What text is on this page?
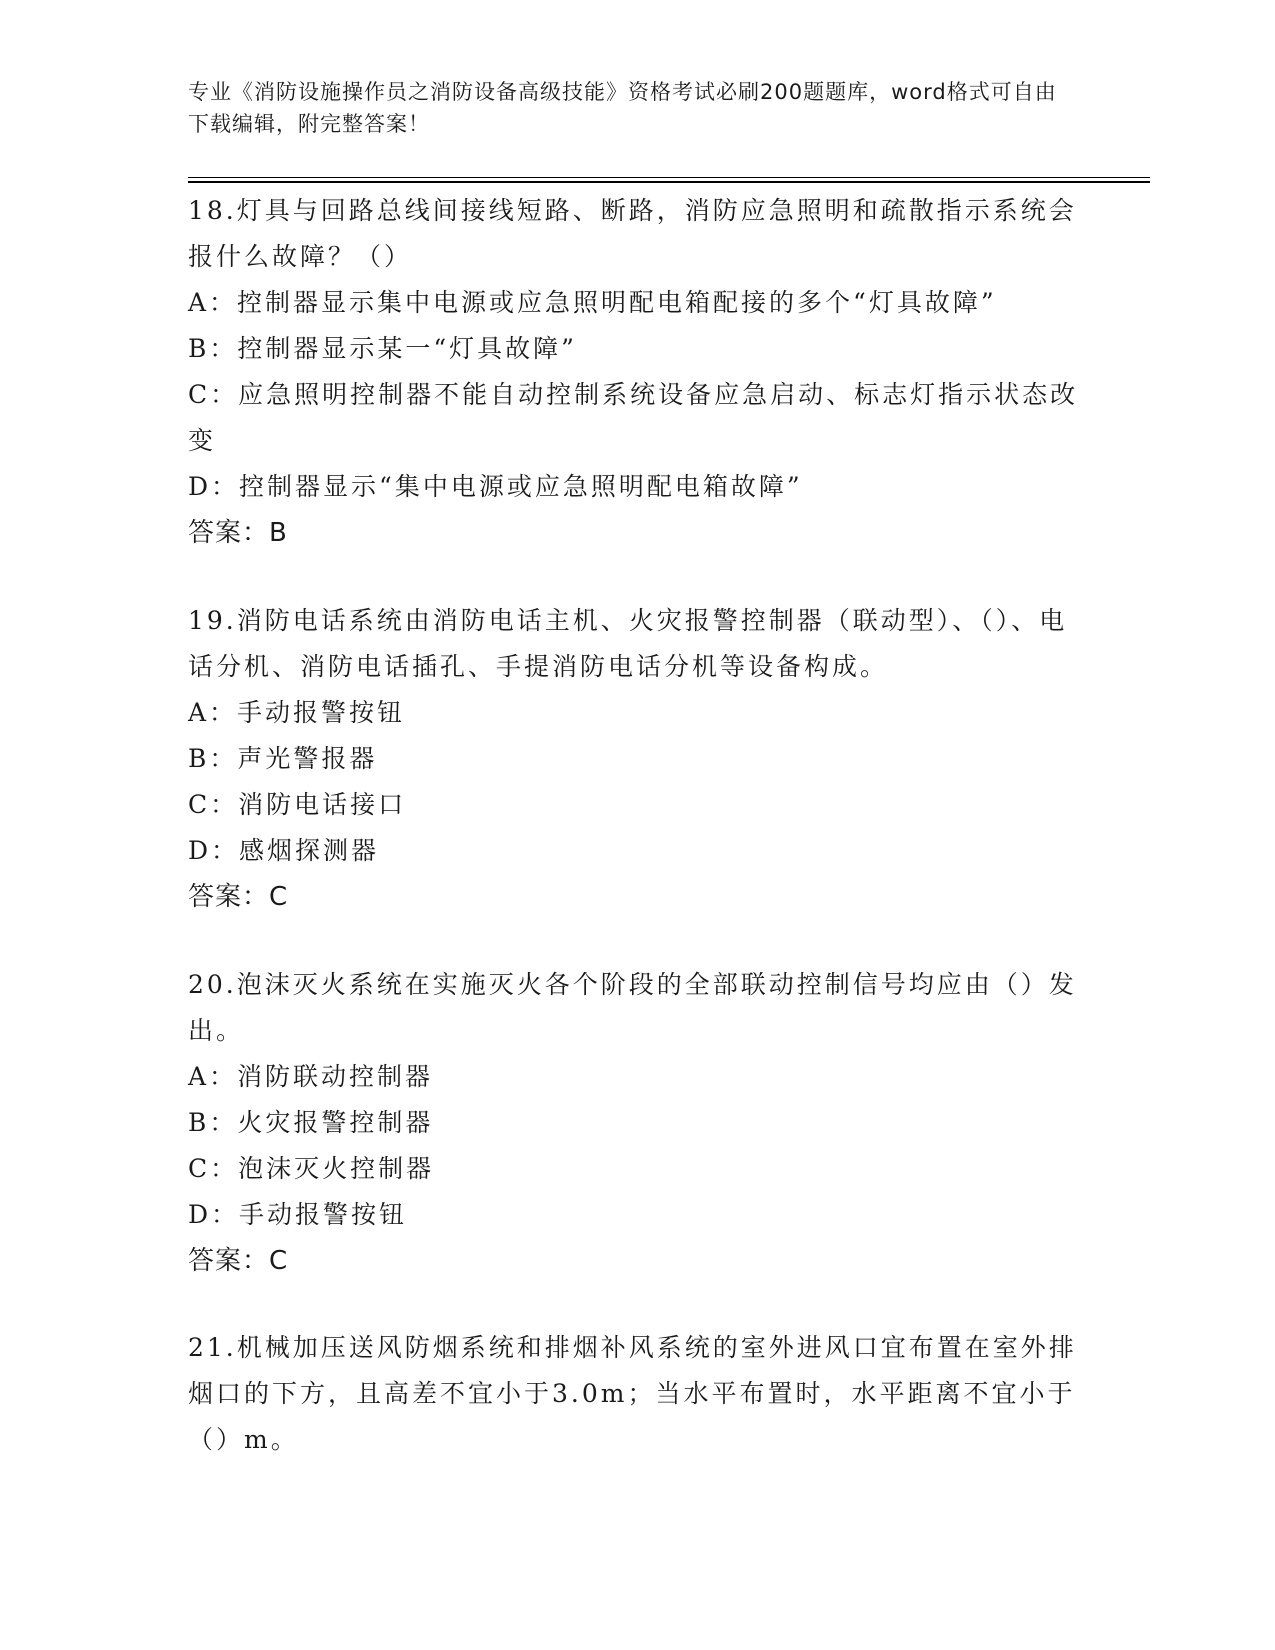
专业《消防设施操作员之消防设备高级技能》资格考试必刷200题题库，word格式可自由下载编辑，附完整答案！
18.灯具与回路总线间接线短路、断路，消防应急照明和疏散指示系统会报什么故障？（）
A：控制器显示集中电源或应急照明配电箱配接的多个“灯具故障”
B：控制器显示某一“灯具故障”
C：应急照明控制器不能自动控制系统设备应急启动、标志灯指示状态改变
D：控制器显示“集中电源或应急照明配电箱故障”
答案：B
19.消防电话系统由消防电话主机、火灾报警控制器（联动型）、（）、电话分机、消防电话插孔、手提消防电话分机等设备构成。
A：手动报警按钮
B：声光警报器
C：消防电话接口
D：感烟探测器
答案：C
20.泡沫灭火系统在实施灭火各个阶段的全部联动控制信号均应由（）发出。
A：消防联动控制器
B：火灾报警控制器
C：泡沫灭火控制器
D：手动报警按钮
答案：C
21.机械加压送风防烟系统和排烟补风系统的室外进风口宜布置在室外排烟口的下方，且高差不宜小于3.0m；当水平布置时，水平距离不宜小于（）m。
